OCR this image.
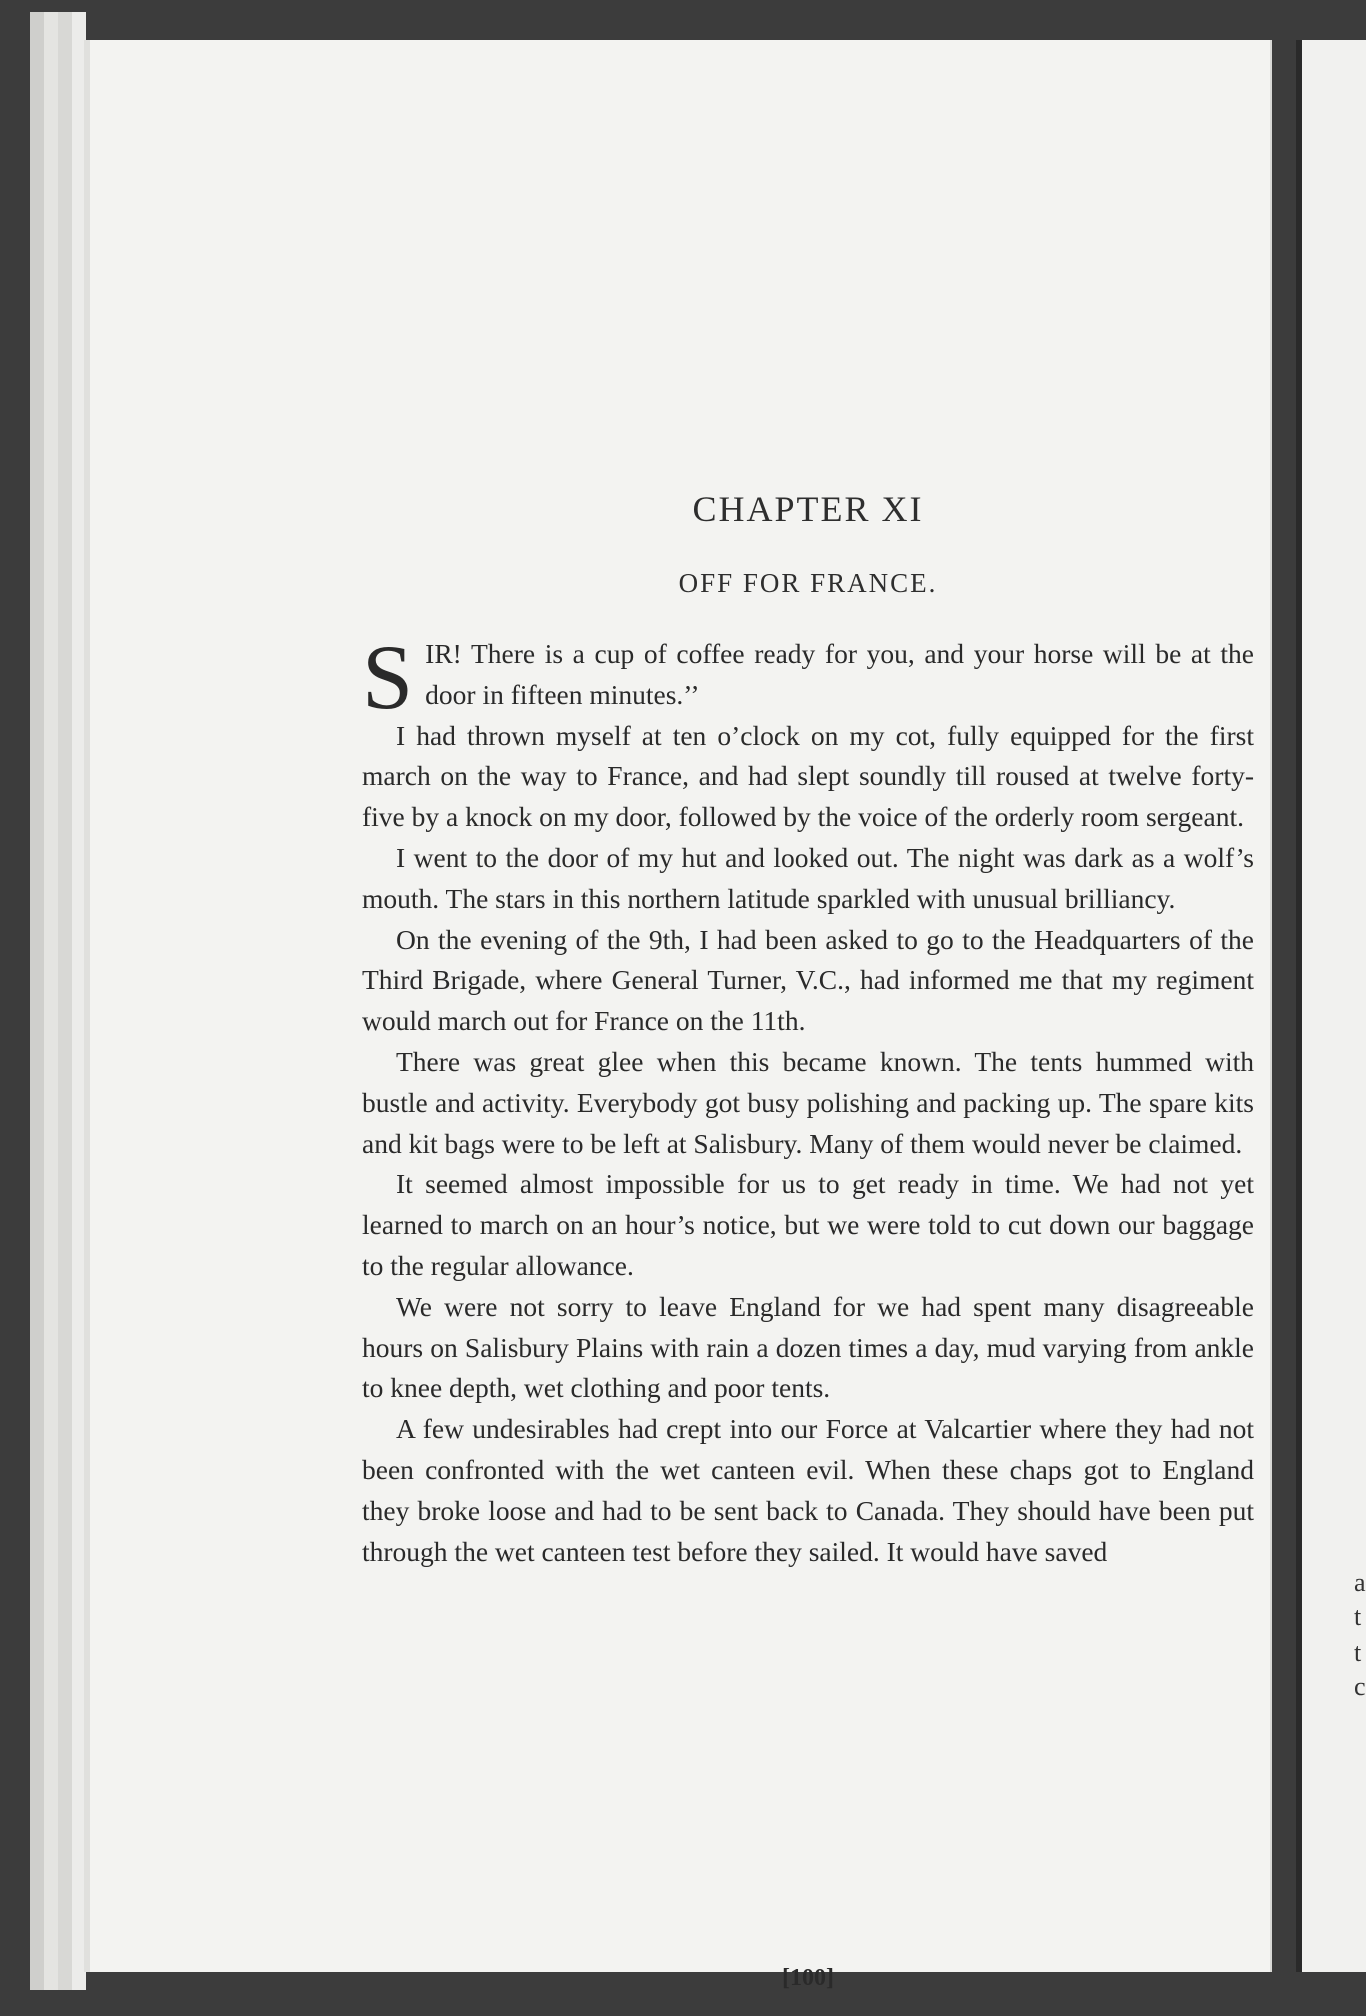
a
t
t
c
CHAPTER XI
OFF FOR FRANCE.

SIR! There is a cup of coffee ready for you, and your horse will be at the door in fifteen minutes.’’

I had thrown myself at ten o’clock on my cot, fully equipped for the first march on the way to France, and had slept soundly till roused at twelve forty-five by a knock on my door, followed by the voice of the orderly room sergeant.

I went to the door of my hut and looked out. The night was dark as a wolf’s mouth. The stars in this northern latitude sparkled with unusual brilliancy.

On the evening of the 9th, I had been asked to go to the Headquarters of the Third Brigade, where General Turner, V.C., had informed me that my regiment would march out for France on the 11th.

There was great glee when this became known. The tents hummed with bustle and activity. Everybody got busy polishing and packing up. The spare kits and kit bags were to be left at Salisbury. Many of them would never be claimed.

It seemed almost impossible for us to get ready in time. We had not yet learned to march on an hour’s notice, but we were told to cut down our baggage to the regular allowance.

We were not sorry to leave England for we had spent many disagreeable hours on Salisbury Plains with rain a dozen times a day, mud varying from ankle to knee depth, wet clothing and poor tents.

A few undesirables had crept into our Force at Valcartier where they had not been confronted with the wet canteen evil. When these chaps got to England they broke loose and had to be sent back to Canada. They should have been put through the wet canteen test before they sailed. It would have saved

[100]
